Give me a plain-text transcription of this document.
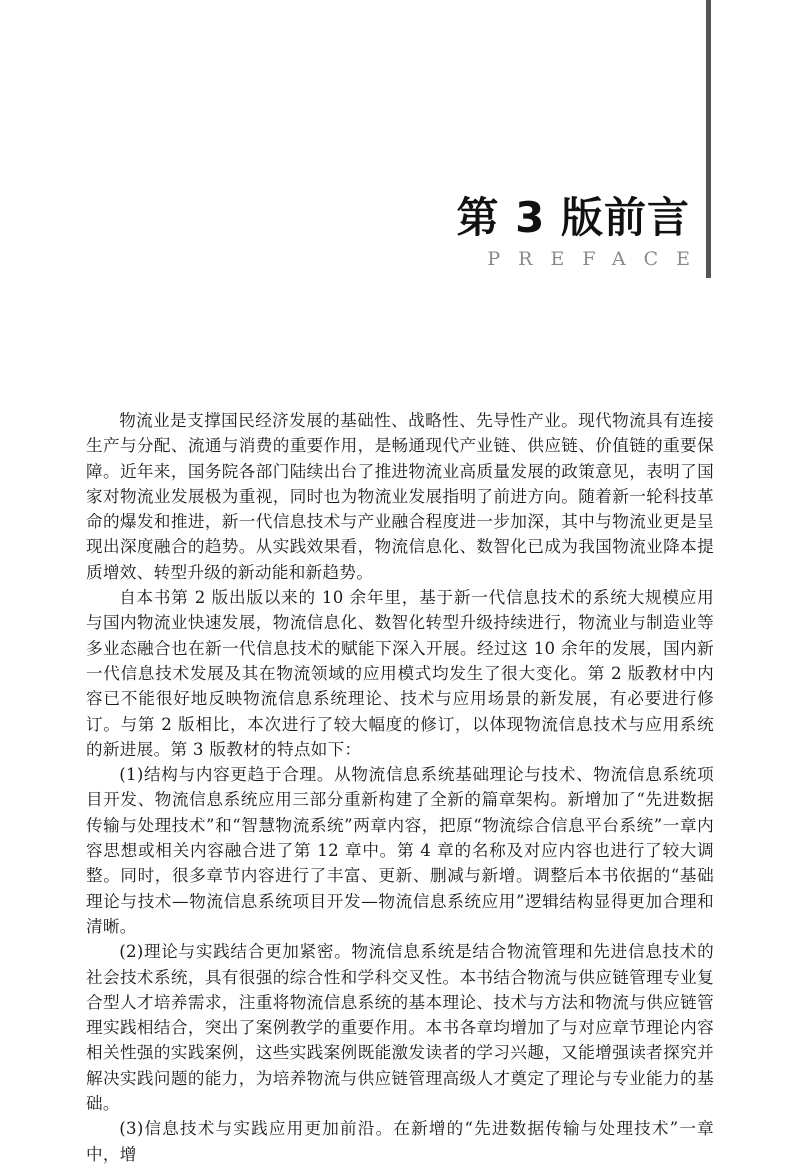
第 3 版前言
PREFACE

物流业是支撑国民经济发展的基础性、战略性、先导性产业。现代物流具有连接生产与分配、流通与消费的重要作用，是畅通现代产业链、供应链、价值链的重要保障。近年来，国务院各部门陆续出台了推进物流业高质量发展的政策意见，表明了国家对物流业发展极为重视，同时也为物流业发展指明了前进方向。随着新一轮科技革命的爆发和推进，新一代信息技术与产业融合程度进一步加深，其中与物流业更是呈现出深度融合的趋势。从实践效果看，物流信息化、数智化已成为我国物流业降本提质增效、转型升级的新动能和新趋势。

自本书第 2 版出版以来的 10 余年里，基于新一代信息技术的系统大规模应用与国内物流业快速发展，物流信息化、数智化转型升级持续进行，物流业与制造业等多业态融合也在新一代信息技术的赋能下深入开展。经过这 10 余年的发展，国内新一代信息技术发展及其在物流领域的应用模式均发生了很大变化。第 2 版教材中内容已不能很好地反映物流信息系统理论、技术与应用场景的新发展，有必要进行修订。与第 2 版相比，本次进行了较大幅度的修订，以体现物流信息技术与应用系统的新进展。第 3 版教材的特点如下：

(1)结构与内容更趋于合理。从物流信息系统基础理论与技术、物流信息系统项目开发、物流信息系统应用三部分重新构建了全新的篇章架构。新增加了“先进数据传输与处理技术”和“智慧物流系统”两章内容，把原“物流综合信息平台系统”一章内容思想或相关内容融合进了第 12 章中。第 4 章的名称及对应内容也进行了较大调整。同时，很多章节内容进行了丰富、更新、删减与新增。调整后本书依据的“基础理论与技术—物流信息系统项目开发—物流信息系统应用”逻辑结构显得更加合理和清晰。

(2)理论与实践结合更加紧密。物流信息系统是结合物流管理和先进信息技术的社会技术系统，具有很强的综合性和学科交叉性。本书结合物流与供应链管理专业复合型人才培养需求，注重将物流信息系统的基本理论、技术与方法和物流与供应链管理实践相结合，突出了案例教学的重要作用。本书各章均增加了与对应章节理论内容相关性强的实践案例，这些实践案例既能激发读者的学习兴趣，又能增强读者探究并解决实践问题的能力，为培养物流与供应链管理高级人才奠定了理论与专业能力的基础。

(3)信息技术与实践应用更加前沿。在新增的“先进数据传输与处理技术”一章中，增
